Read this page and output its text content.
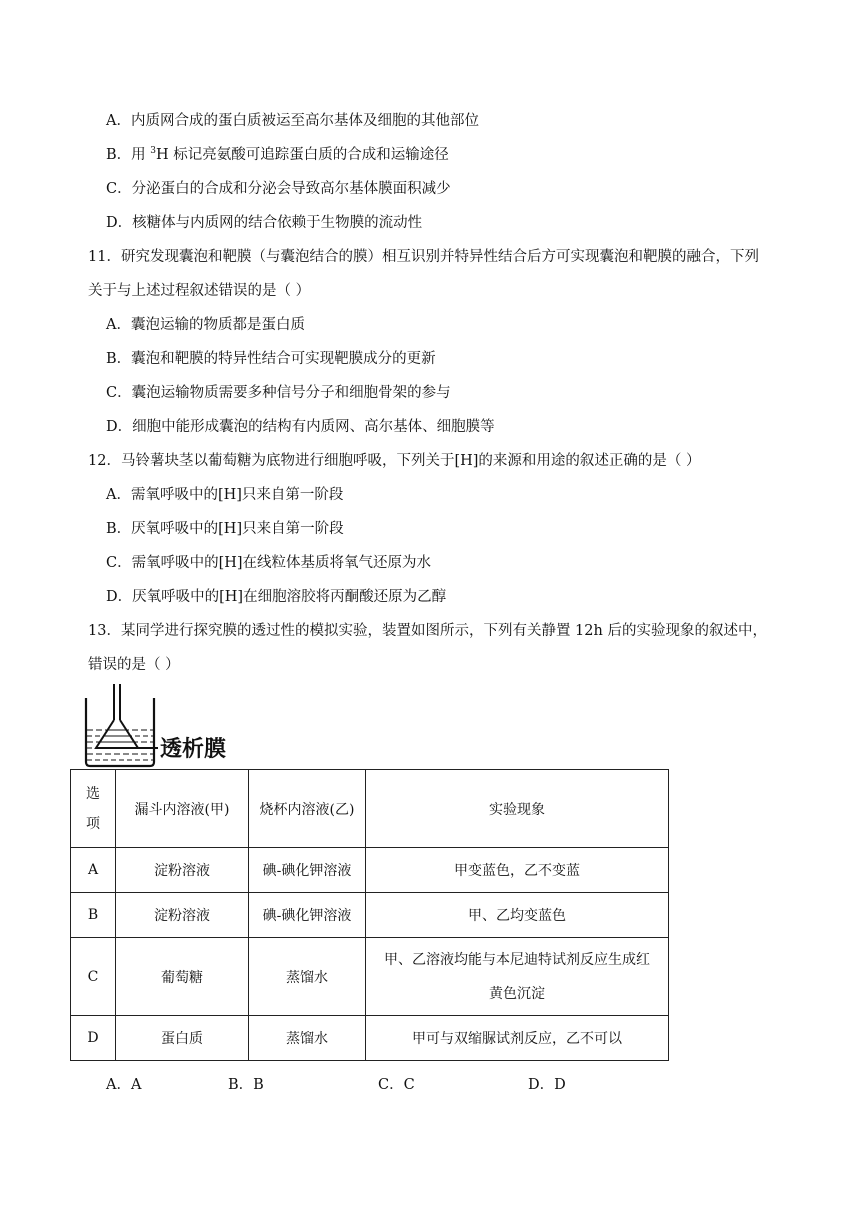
A．内质网合成的蛋白质被运至高尔基体及细胞的其他部位
B．用 $^3$H 标记亮氨酸可追踪蛋白质的合成和运输途径
C．分泌蛋白的合成和分泌会导致高尔基体膜面积减少
D．核糖体与内质网的结合依赖于生物膜的流动性
11．研究发现囊泡和靶膜（与囊泡结合的膜）相互识别并特异性结合后方可实现囊泡和靶膜的融合，下列
关于与上述过程叙述错误的是（ ）
A．囊泡运输的物质都是蛋白质
B．囊泡和靶膜的特异性结合可实现靶膜成分的更新
C．囊泡运输物质需要多种信号分子和细胞骨架的参与
D．细胞中能形成囊泡的结构有内质网、高尔基体、细胞膜等
12．马铃薯块茎以葡萄糖为底物进行细胞呼吸，下列关于[H]的来源和用途的叙述正确的是（ ）
A．需氧呼吸中的[H]只来自第一阶段
B．厌氧呼吸中的[H]只来自第一阶段
C．需氧呼吸中的[H]在线粒体基质将氧气还原为水
D．厌氧呼吸中的[H]在细胞溶胶将丙酮酸还原为乙醇
13．某同学进行探究膜的透过性的模拟实验，装置如图所示，下列有关静置 12h 后的实验现象的叙述中，
错误的是（ ）
透析膜
选
项	漏斗内溶液(甲)	烧杯内溶液(乙)	实验现象
A	淀粉溶液	碘-碘化钾溶液	甲变蓝色，乙不变蓝
B	淀粉溶液	碘-碘化钾溶液	甲、乙均变蓝色
C	葡萄糖	蒸馏水	甲、乙溶液均能与本尼迪特试剂反应生成红
黄色沉淀

D	蛋白质	蒸馏水	甲可与双缩脲试剂反应，乙不可以
A．A	B．B	C．C	D．D
